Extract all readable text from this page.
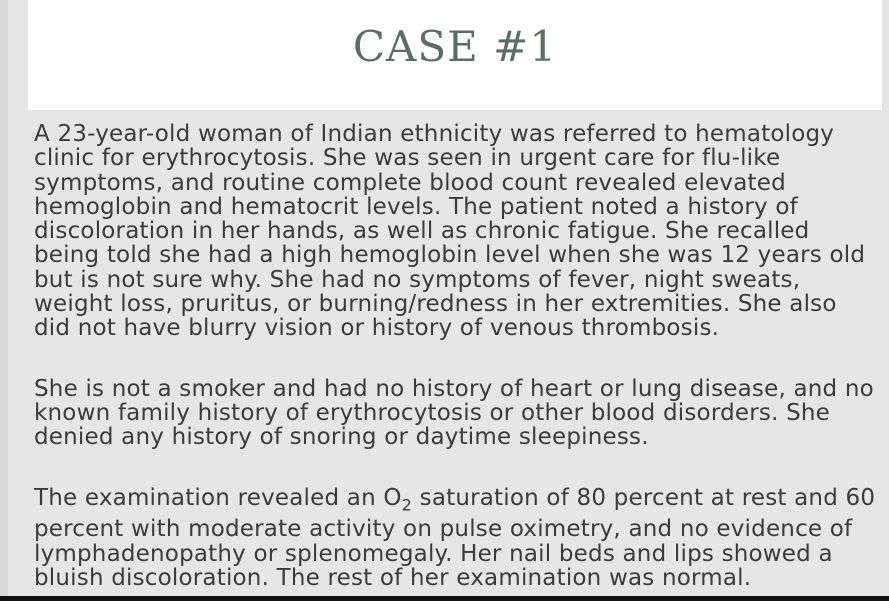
CASE #1

A 23-year-old woman of Indian ethnicity was referred to hematology clinic for erythrocytosis. She was seen in urgent care for flu-like symptoms, and routine complete blood count revealed elevated hemoglobin and hematocrit levels. The patient noted a history of discoloration in her hands, as well as chronic fatigue. She recalled being told she had a high hemoglobin level when she was 12 years old but is not sure why. She had no symptoms of fever, night sweats, weight loss, pruritus, or burning/redness in her extremities. She also did not have blurry vision or history of venous thrombosis.

She is not a smoker and had no history of heart or lung disease, and no known family history of erythrocytosis or other blood disorders. She denied any history of snoring or daytime sleepiness.

The examination revealed an $O_2$ saturation of 80 percent at rest and 60 percent with moderate activity on pulse oximetry, and no evidence of lymphadenopathy or splenomegaly. Her nail beds and lips showed a bluish discoloration. The rest of her examination was normal.
